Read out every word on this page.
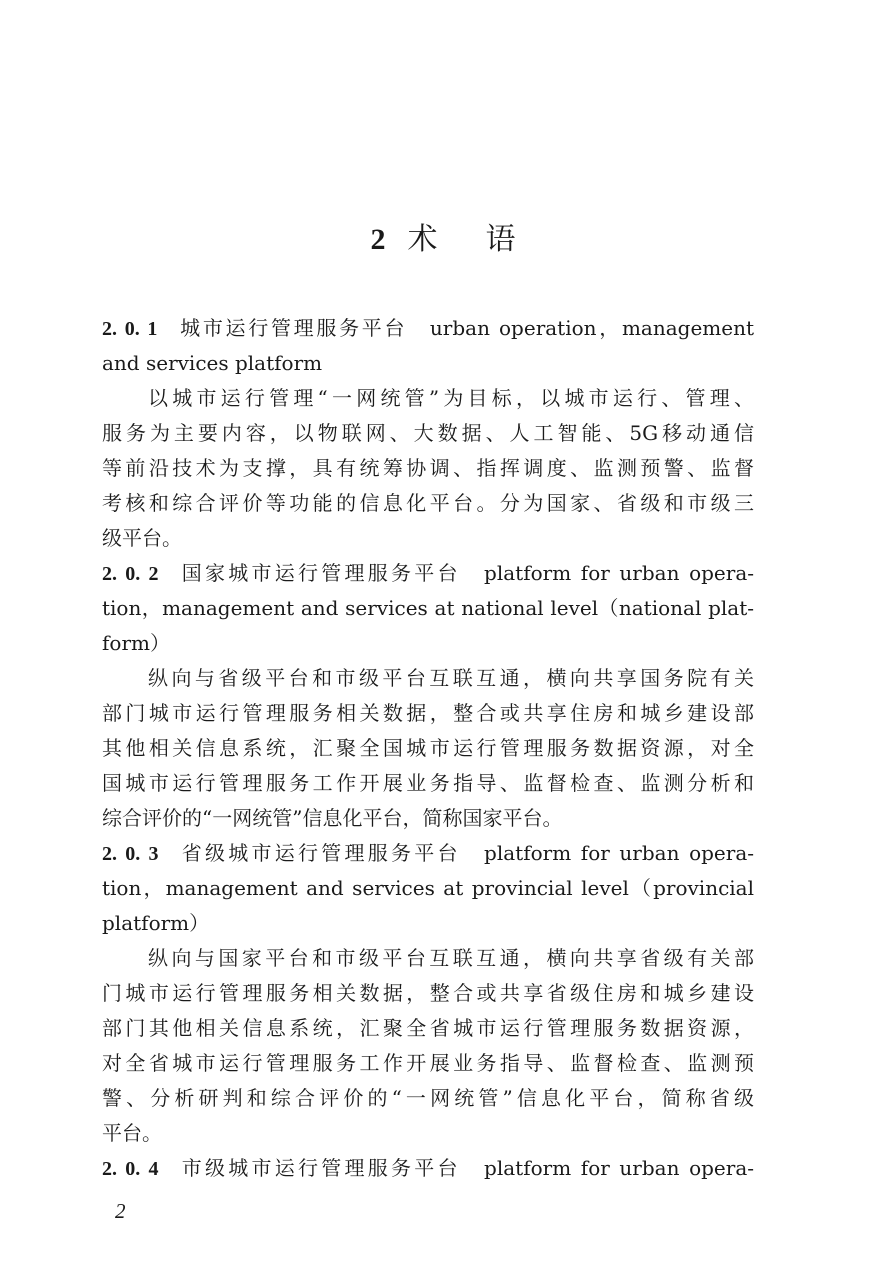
2 术 语
2. 0. 1   城市运行管理服务平台　urban operation，management
and services platform
以城市运行管理“一网统管”为目标，以城市运行、管理、
服务为主要内容，以物联网、大数据、人工智能、5G移动通信
等前沿技术为支撑，具有统筹协调、指挥调度、监测预警、监督
考核和综合评价等功能的信息化平台。分为国家、省级和市级三
级平台。
2. 0. 2   国家城市运行管理服务平台　platform for urban opera-
tion，management and services at national level（national plat-
form）
纵向与省级平台和市级平台互联互通，横向共享国务院有关
部门城市运行管理服务相关数据，整合或共享住房和城乡建设部
其他相关信息系统，汇聚全国城市运行管理服务数据资源，对全
国城市运行管理服务工作开展业务指导、监督检查、监测分析和
综合评价的“一网统管”信息化平台，简称国家平台。
2. 0. 3   省级城市运行管理服务平台　platform for urban opera-
tion，management and services at provincial level（provincial
platform）
纵向与国家平台和市级平台互联互通，横向共享省级有关部
门城市运行管理服务相关数据，整合或共享省级住房和城乡建设
部门其他相关信息系统，汇聚全省城市运行管理服务数据资源，
对全省城市运行管理服务工作开展业务指导、监督检查、监测预
警、分析研判和综合评价的“一网统管”信息化平台，简称省级
平台。
2. 0. 4   市级城市运行管理服务平台　platform for urban opera-
2
